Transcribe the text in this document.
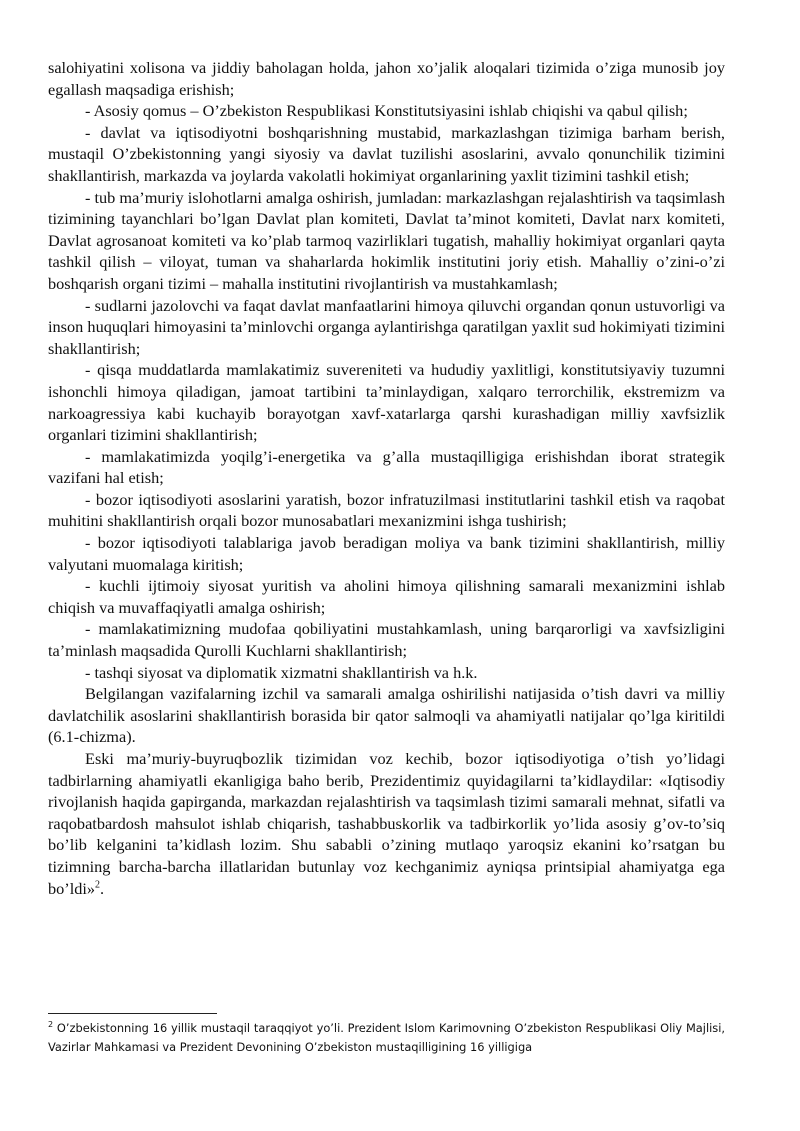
salohiyatini xolisona va jiddiy baholagan holda, jahon xo’jalik aloqalari tizimida o’ziga munosib joy egallash maqsadiga erishish;

- Asosiy qomus – O’zbekiston Respublikasi Konstitutsiyasini ishlab chiqishi va qabul qilish;

- davlat va iqtisodiyotni boshqarishning mustabid, markazlashgan tizimiga barham berish, mustaqil O’zbekistonning yangi siyosiy va davlat tuzilishi asoslarini, avvalo qonunchilik tizimini shakllantirish, markazda va joylarda vakolatli hokimiyat organlarining yaxlit tizimini tashkil etish;

- tub ma’muriy islohotlarni amalga oshirish, jumladan: markazlashgan rejalashtirish va taqsimlash tizimining tayanchlari bo’lgan Davlat plan komiteti, Davlat ta’minot komiteti, Davlat narx komiteti, Davlat agrosanoat komiteti va ko’plab tarmoq vazirliklari tugatish, mahalliy hokimiyat organlari qayta tashkil qilish – viloyat, tuman va shaharlarda hokimlik institutini joriy etish. Mahalliy o’zini-o’zi boshqarish organi tizimi – mahalla institutini rivojlantirish va mustahkamlash;

- sudlarni jazolovchi va faqat davlat manfaatlarini himoya qiluvchi organdan qonun ustuvorligi va inson huquqlari himoyasini ta’minlovchi organga aylantirishga qaratilgan yaxlit sud hokimiyati tizimini shakllantirish;

- qisqa muddatlarda mamlakatimiz suvereniteti va hududiy yaxlitligi, konstitutsiyaviy tuzumni ishonchli himoya qiladigan, jamoat tartibini ta’minlaydigan, xalqaro terrorchilik, ekstremizm va narkoagressiya kabi kuchayib borayotgan xavf-xatarlarga qarshi kurashadigan milliy xavfsizlik organlari tizimini shakllantirish;

- mamlakatimizda yoqilg’i-energetika va g’alla mustaqilligiga erishishdan iborat strategik vazifani hal etish;

- bozor iqtisodiyoti asoslarini yaratish, bozor infratuzilmasi institutlarini tashkil etish va raqobat muhitini shakllantirish orqali bozor munosabatlari mexanizmini ishga tushirish;

- bozor iqtisodiyoti talablariga javob beradigan moliya va bank tizimini shakllantirish, milliy valyutani muomalaga kiritish;

- kuchli ijtimoiy siyosat yuritish va aholini himoya qilishning samarali mexanizmini ishlab chiqish va muvaffaqiyatli amalga oshirish;

- mamlakatimizning mudofaa qobiliyatini mustahkamlash, uning barqarorligi va xavfsizligini ta’minlash maqsadida Qurolli Kuchlarni shakllantirish;

- tashqi siyosat va diplomatik xizmatni shakllantirish va h.k.

Belgilangan vazifalarning izchil va samarali amalga oshirilishi natijasida o’tish davri va milliy davlatchilik asoslarini shakllantirish borasida bir qator salmoqli va ahamiyatli natijalar qo’lga kiritildi (6.1-chizma).

Eski ma’muriy-buyruqbozlik tizimidan voz kechib, bozor iqtisodiyotiga o’tish yo’lidagi tadbirlarning ahamiyatli ekanligiga baho berib, Prezidentimiz quyidagilarni ta’kidlaydilar: «Iqtisodiy rivojlanish haqida gapirganda, markazdan rejalashtirish va taqsimlash tizimi samarali mehnat, sifatli va raqobatbardosh mahsulot ishlab chiqarish, tashabbuskorlik va tadbirkorlik yo’lida asosiy g’ov-to’siq bo’lib kelganini ta’kidlash lozim. Shu sababli o’zining mutlaqo yaroqsiz ekanini ko’rsatgan bu tizimning barcha-barcha illatlaridan butunlay voz kechganimiz ayniqsa printsipial ahamiyatga ega bo’ldi»$^2$.

$^2$ O’zbekistonning 16 yillik mustaqil taraqqiyot yo’li. Prezident Islom Karimovning O’zbekiston Respublikasi Oliy Majlisi, Vazirlar Mahkamasi va Prezident Devonining O’zbekiston mustaqilligining 16 yilligiga
